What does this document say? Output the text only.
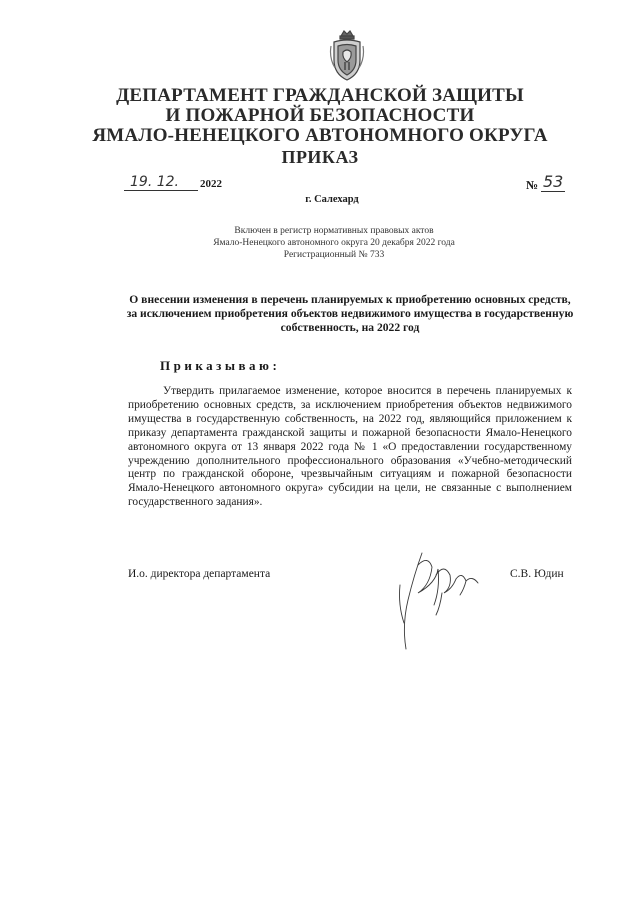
ДЕПАРТАМЕНТ ГРАЖДАНСКОЙ ЗАЩИТЫ
И ПОЖАРНОЙ БЕЗОПАСНОСТИ
ЯМАЛО-НЕНЕЦКОГО АВТОНОМНОГО ОКРУГА
ПРИКАЗ
19. 12. 2022	№ 53
г. Салехард
Включен в регистр нормативных правовых актов
Ямало-Ненецкого автономного округа 20 декабря 2022 года
Регистрационный № 733
О внесении изменения в перечень планируемых к приобретению основных средств, за исключением приобретения объектов недвижимого имущества в государственную собственность, на 2022 год
Приказываю:

Утвердить прилагаемое изменение, которое вносится в перечень планируемых к приобретению основных средств, за исключением приобретения объектов недвижимого имущества в государственную собственность, на 2022 год, являющийся приложением к приказу департамента гражданской защиты и пожарной безопасности Ямало-Ненецкого автономного округа от 13 января 2022 года № 1 «О предоставлении государственному учреждению дополнительного профессионального образования «Учебно-методический центр по гражданской обороне, чрезвычайным ситуациям и пожарной безопасности Ямало-Ненецкого автономного округа» субсидии на цели, не связанные с выполнением государственного задания».

И.о. директора департамента	С.В. Юдин
